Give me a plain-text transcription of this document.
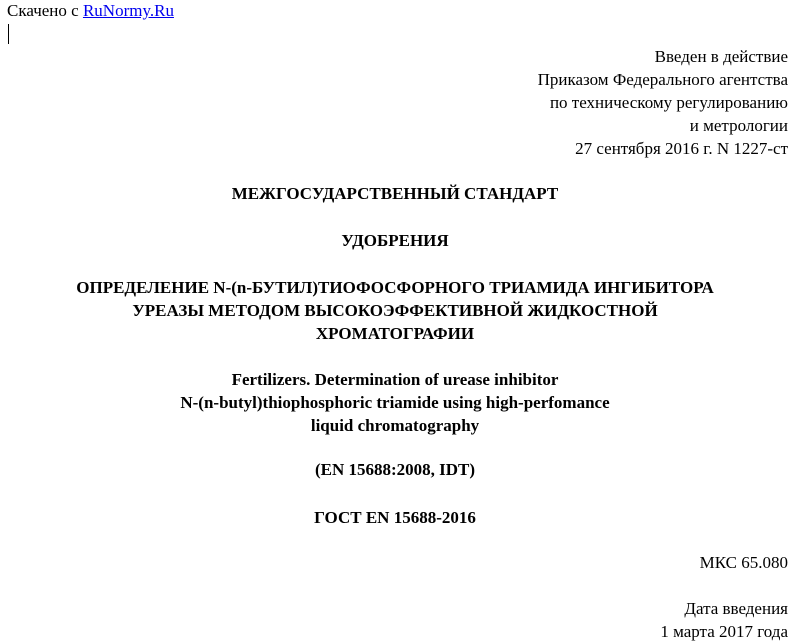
Скачено с RuNormy.Ru
Введен в действие
Приказом Федерального агентства
по техническому регулированию
и метрологии
27 сентября 2016 г. N 1227-ст
МЕЖГОСУДАРСТВЕННЫЙ СТАНДАРТ
УДОБРЕНИЯ
ОПРЕДЕЛЕНИЕ N-(n-БУТИЛ)ТИОФОСФОРНОГО ТРИАМИДА ИНГИБИТОРА
УРЕАЗЫ МЕТОДОМ ВЫСОКОЭФФЕКТИВНОЙ ЖИДКОСТНОЙ
ХРОМАТОГРАФИИ
Fertilizers. Determination of urease inhibitor
N-(n-butyl)thiophosphoric triamide using high-perfomance
liquid chromatography
(EN 15688:2008, IDT)
ГОСТ EN 15688-2016
МКС 65.080
Дата введения
1 марта 2017 года
